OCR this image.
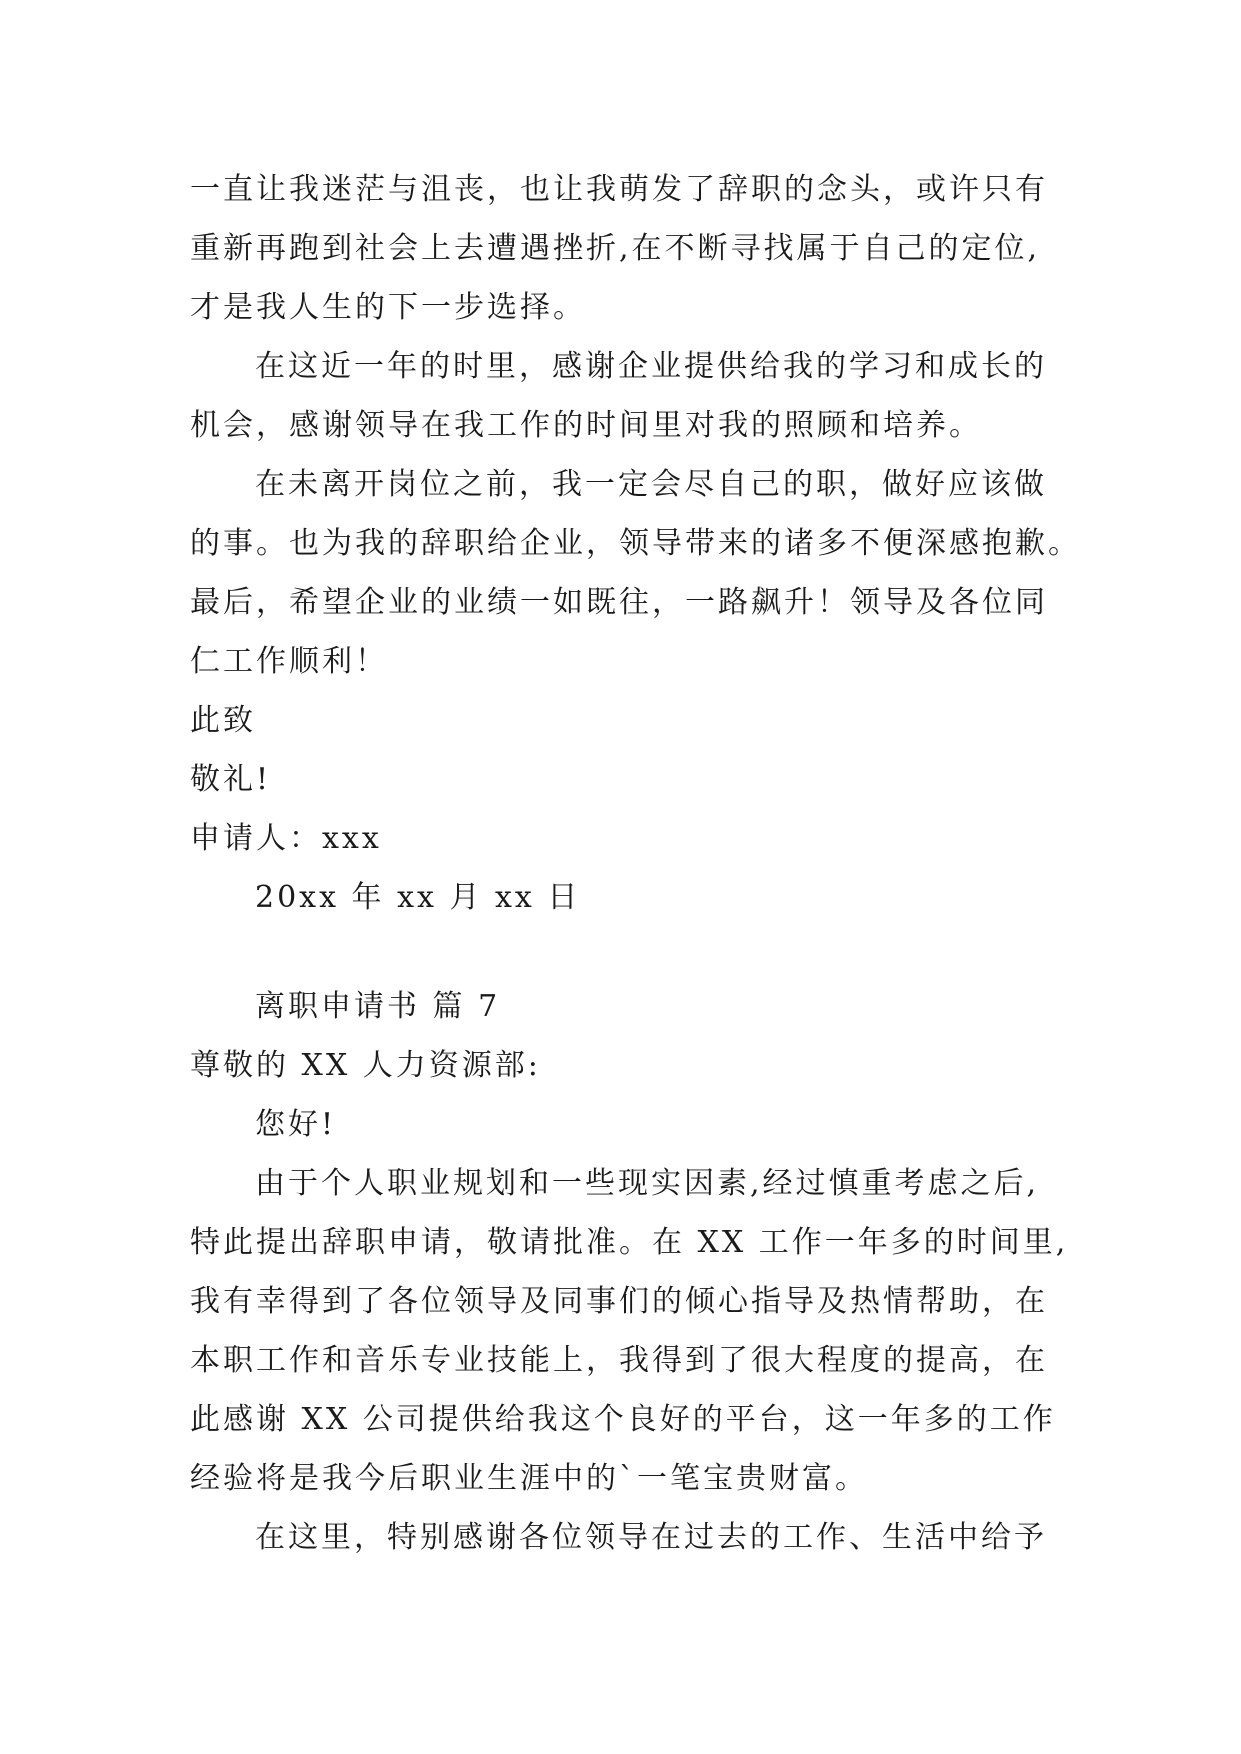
一直让我迷茫与沮丧，也让我萌发了辞职的念头，或许只有
重新再跑到社会上去遭遇挫折,在不断寻找属于自己的定位,
才是我人生的下一步选择。
在这近一年的时里，感谢企业提供给我的学习和成长的
机会，感谢领导在我工作的时间里对我的照顾和培养。
在未离开岗位之前，我一定会尽自己的职，做好应该做
的事。也为我的辞职给企业，领导带来的诸多不便深感抱歉。
最后，希望企业的业绩一如既往，一路飙升！领导及各位同
仁工作顺利！
此致
敬礼!
申请人：xxx
20xx 年 xx 月 xx 日
离职申请书 篇 7
尊敬的 XX 人力资源部:
您好!
由于个人职业规划和一些现实因素,经过慎重考虑之后,
特此提出辞职申请，敬请批准。在 XX 工作一年多的时间里,
我有幸得到了各位领导及同事们的倾心指导及热情帮助，在
本职工作和音乐专业技能上，我得到了很大程度的提高，在
此感谢 XX 公司提供给我这个良好的平台，这一年多的工作
经验将是我今后职业生涯中的`一笔宝贵财富。
在这里，特别感谢各位领导在过去的工作、生活中给予
